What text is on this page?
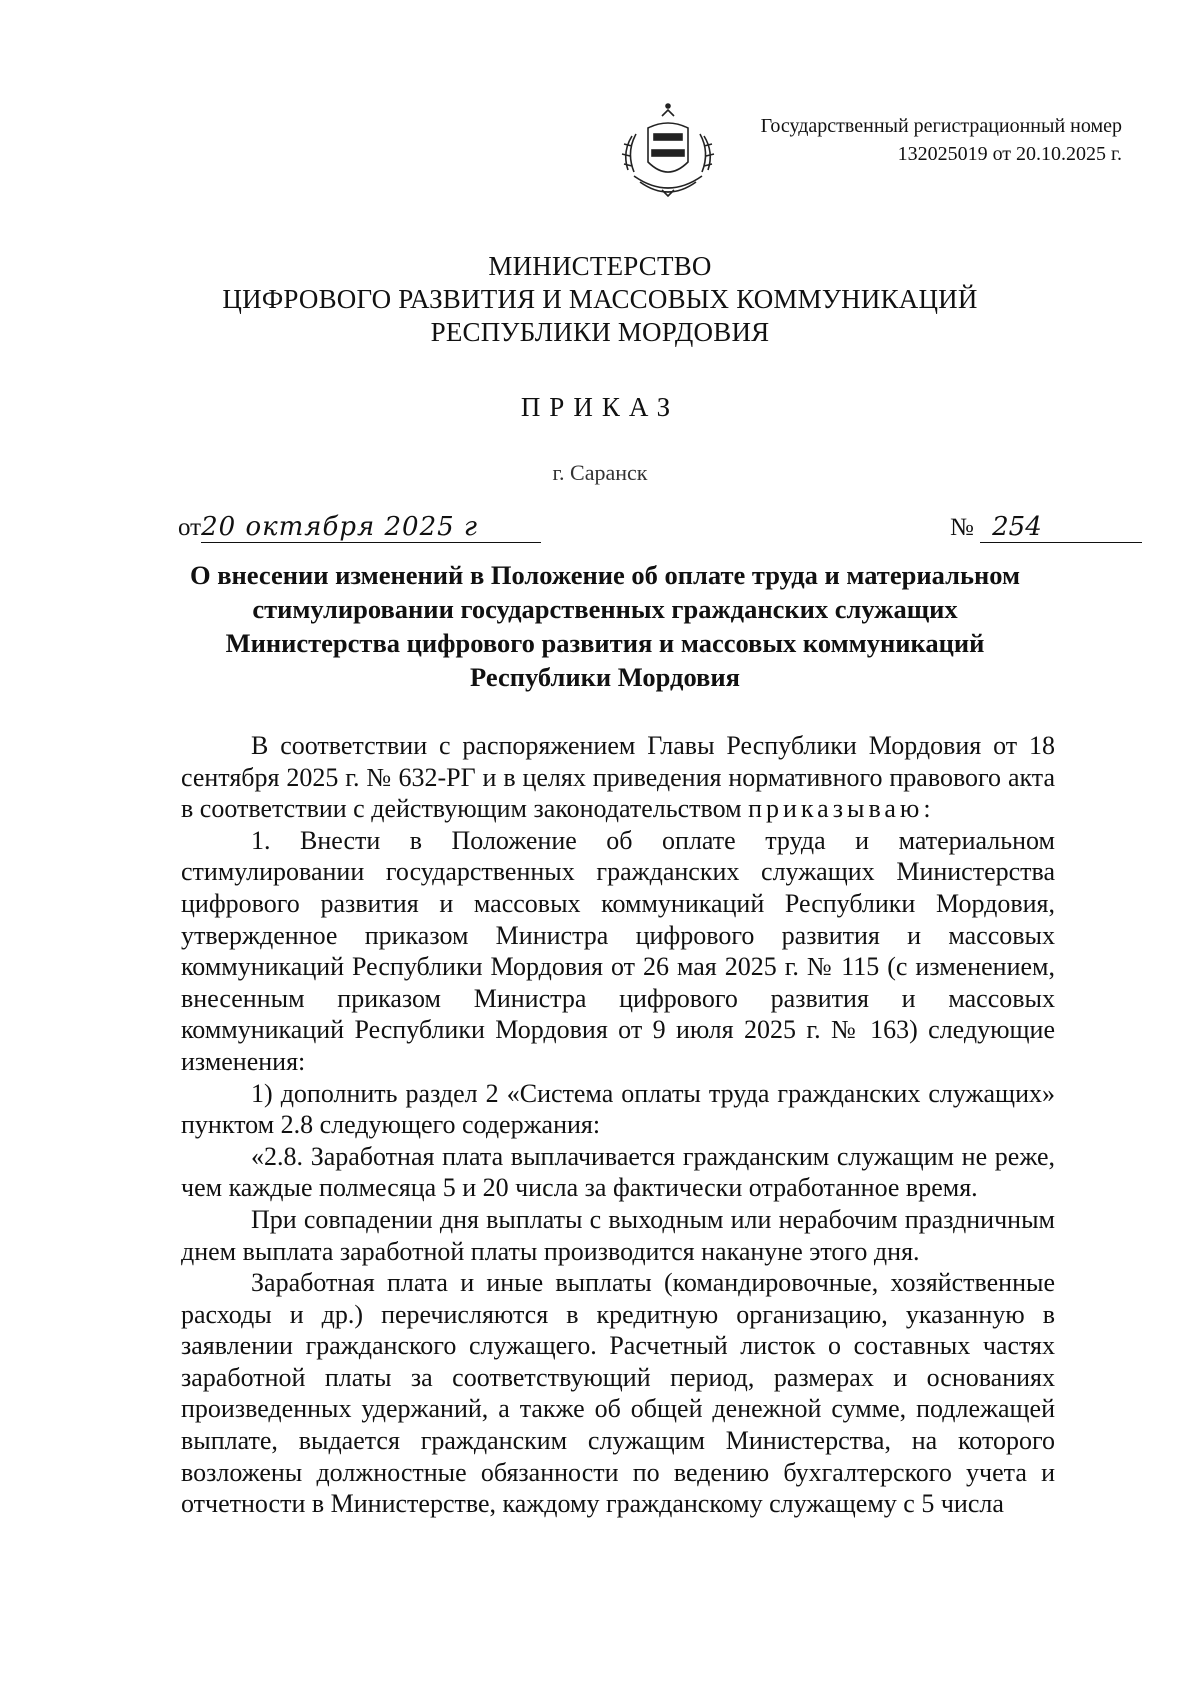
Государственный регистрационный номер
132025019 от 20.10.2025 г.
МИНИСТЕРСТВО
ЦИФРОВОГО РАЗВИТИЯ И МАССОВЫХ КОММУНИКАЦИЙ
РЕСПУБЛИКИ МОРДОВИЯ
ПРИКАЗ
г. Саранск
от20 октября 2025 г	№ 254
О внесении изменений в Положение об оплате труда и материальном
стимулировании государственных гражданских служащих
Министерства цифрового развития и массовых коммуникаций
Республики Мордовия

В соответствии с распоряжением Главы Республики Мордовия от 18 сентября 2025 г. № 632-РГ и в целях приведения нормативного правового акта в соответствии с действующим законодательством приказываю:

1. Внести в Положение об оплате труда и материальном стимулировании государственных гражданских служащих Министерства цифрового развития и массовых коммуникаций Республики Мордовия, утвержденное приказом Министра цифрового развития и массовых коммуникаций Республики Мордовия от 26 мая 2025 г. № 115 (с изменением, внесенным приказом Министра цифрового развития и массовых коммуникаций Республики Мордовия от 9 июля 2025 г. № 163) следующие изменения:

1) дополнить раздел 2 «Система оплаты труда гражданских служащих» пунктом 2.8 следующего содержания:

«2.8. Заработная плата выплачивается гражданским служащим не реже, чем каждые полмесяца 5 и 20 числа за фактически отработанное время.

При совпадении дня выплаты с выходным или нерабочим праздничным днем выплата заработной платы производится накануне этого дня.

Заработная плата и иные выплаты (командировочные, хозяйственные расходы и др.) перечисляются в кредитную организацию, указанную в заявлении гражданского служащего. Расчетный листок о составных частях заработной платы за соответствующий период, размерах и основаниях произведенных удержаний, а также об общей денежной сумме, подлежащей выплате, выдается гражданским служащим Министерства, на которого возложены должностные обязанности по ведению бухгалтерского учета и отчетности в Министерстве, каждому гражданскому служащему с 5 числа
